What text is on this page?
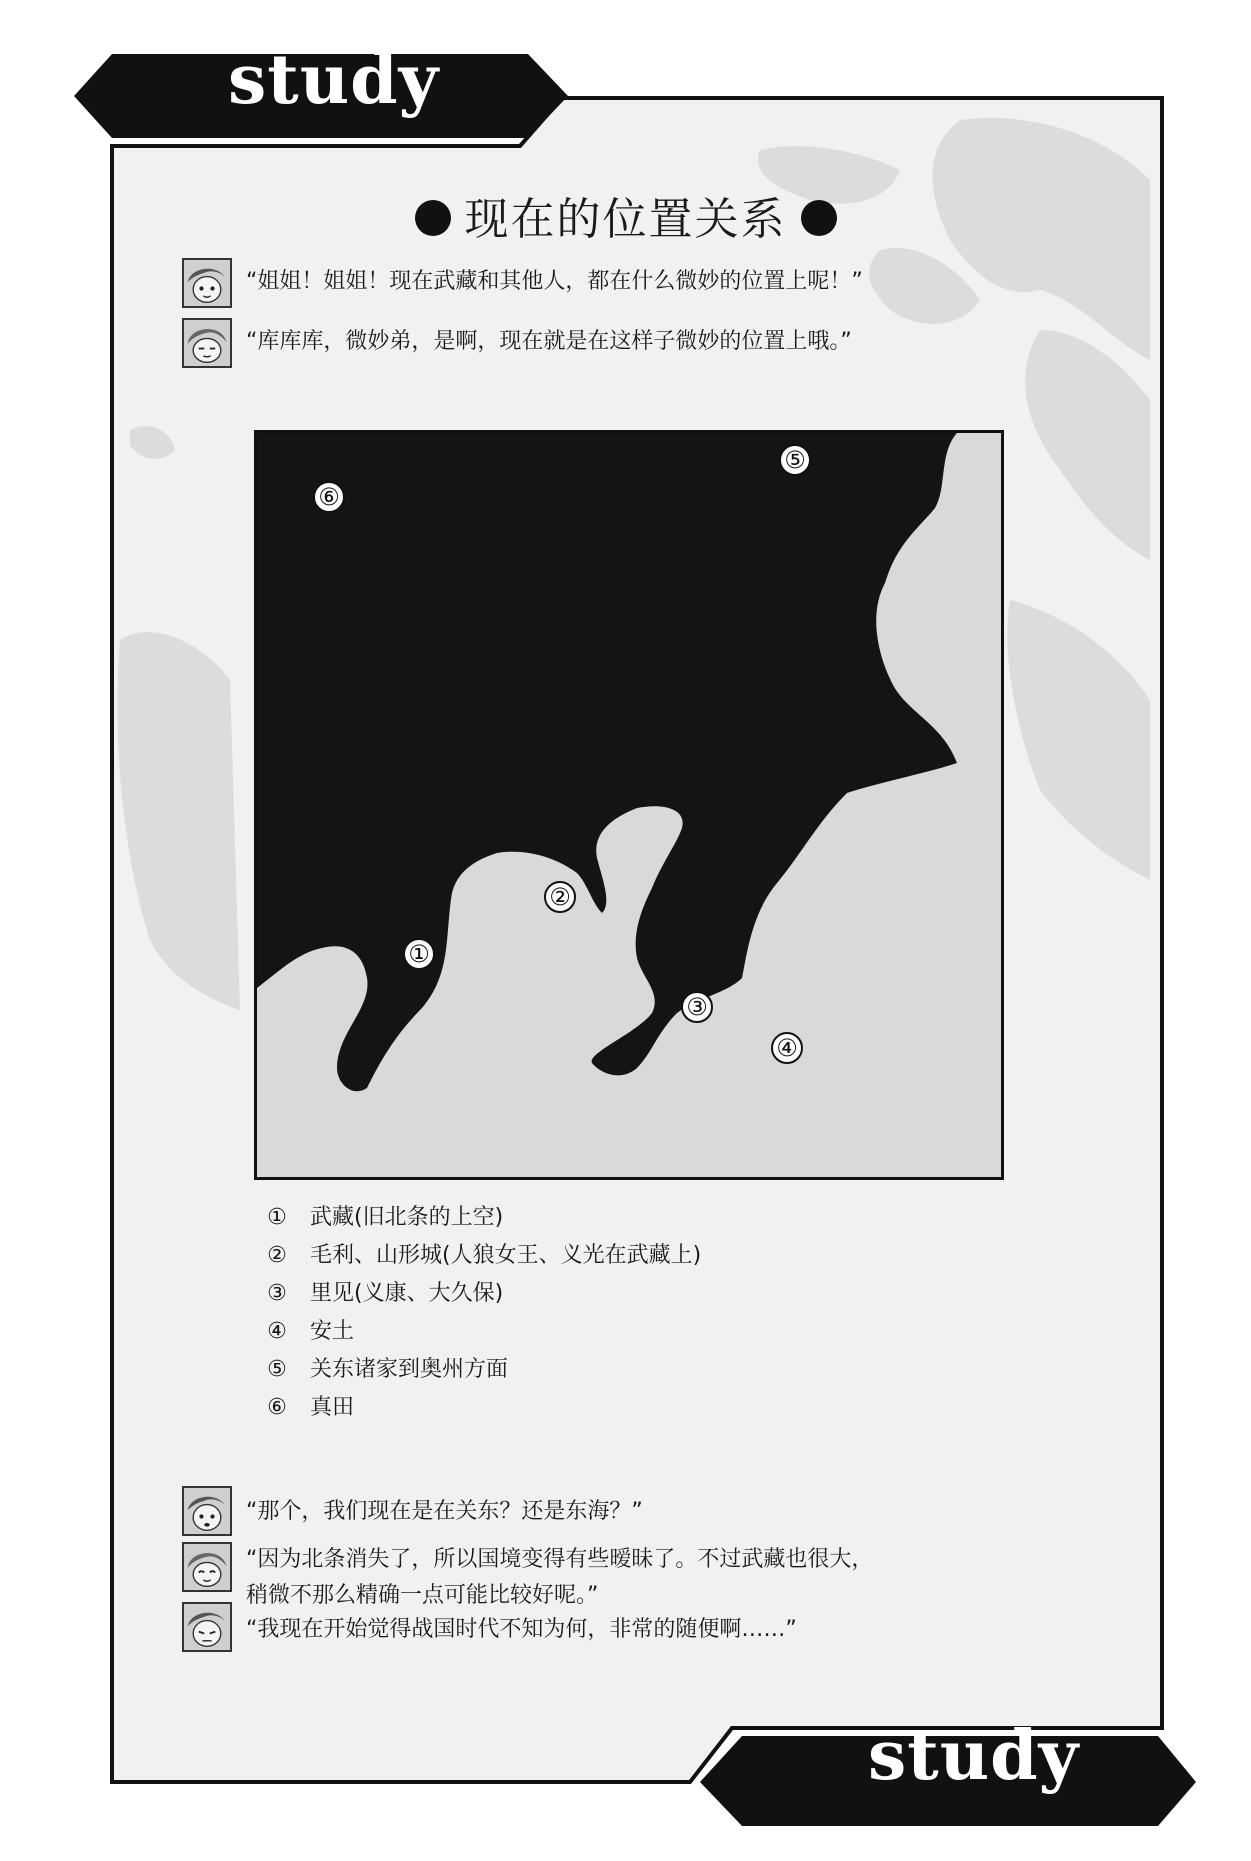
study
study
现在的位置关系
“姐姐！姐姐！现在武藏和其他人，都在什么微妙的位置上呢！”
“库库库，微妙弟，是啊，现在就是在这样子微妙的位置上哦。”
⑤
⑥
②
①
③
④
① 武藏(旧北条的上空)
② 毛利、山形城(人狼女王、义光在武藏上)
③ 里见(义康、大久保)
④ 安土
⑤ 关东诸家到奥州方面
⑥ 真田
“那个，我们现在是在关东？还是东海？”
“因为北条消失了，所以国境变得有些暧昧了。不过武藏也很大，
稍微不那么精确一点可能比较好呢。”
“我现在开始觉得战国时代不知为何，非常的随便啊……”
